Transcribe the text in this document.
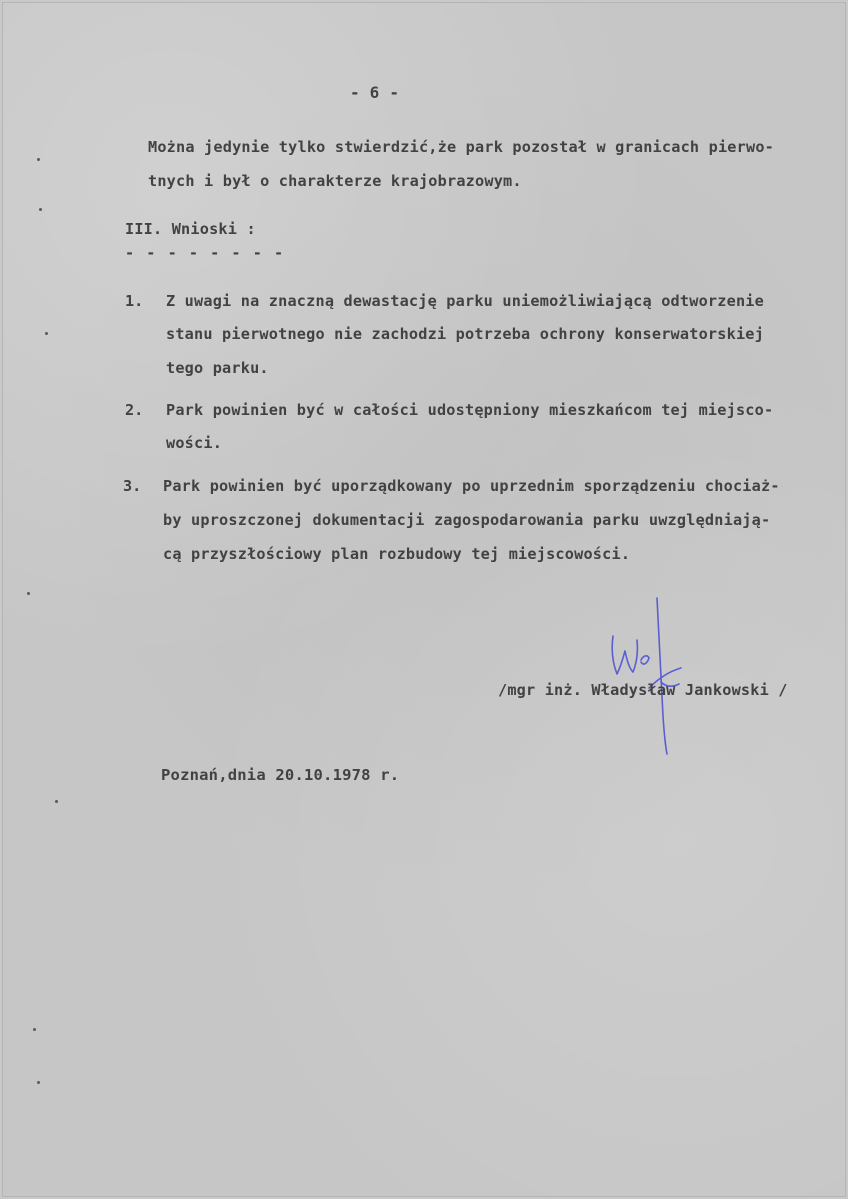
- 6 -
Można jedynie tylko stwierdzić,że park pozostał w granicach pierwo-
tnych i był o charakterze krajobrazowym.
III. Wnioski :
- - - - - - - -
1. Z uwagi na znaczną dewastację parku uniemożliwiającą odtworzenie
stanu pierwotnego nie zachodzi potrzeba ochrony konserwatorskiej
tego parku.
2. Park powinien być w całości udostępniony mieszkańcom tej miejsco-
wości.
3. Park powinien być uporządkowany po uprzednim sporządzeniu chociaż-
by uproszczonej dokumentacji zagospodarowania parku uwzględniają-
cą przyszłościowy plan rozbudowy tej miejscowości.
/mgr inż. Władysław Jankowski /
Poznań,dnia 20.10.1978 r.
